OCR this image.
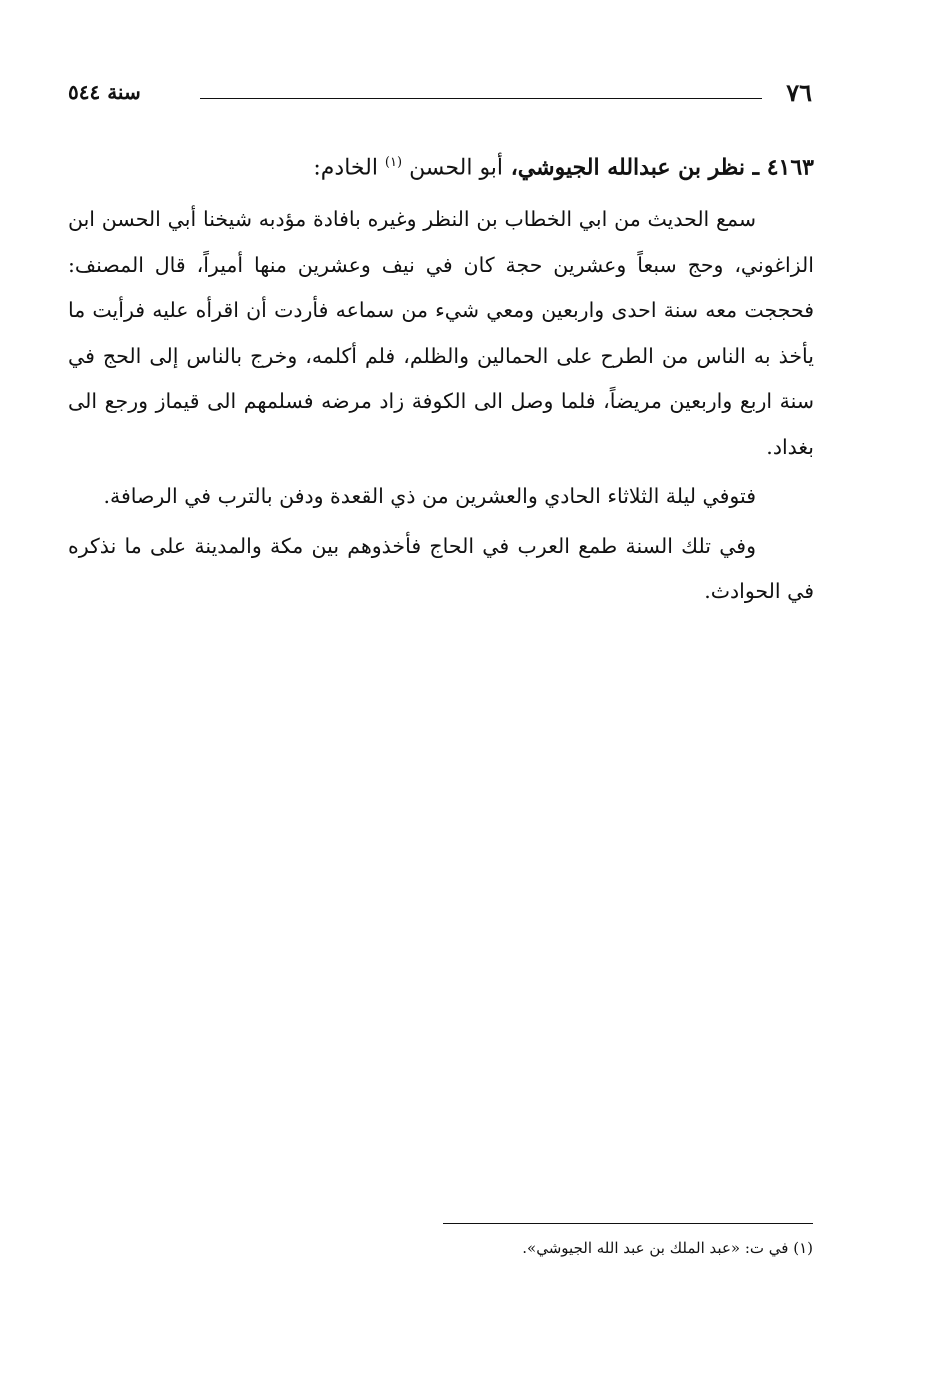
٧٦
سنة ٥٤٤

٤١٦٣ ـ نظر بن عبدالله الجيوشي، أبو الحسن $^{(١)}$ الخادم:

سمع الحديث من ابي الخطاب بن النظر وغيره بافادة مؤدبه شيخنا أبي الحسن ابن الزاغوني، وحج سبعاً وعشرين حجة كان في نيف وعشرين منها أميراً، قال المصنف: فحججت معه سنة احدى واربعين ومعي شيء من سماعه فأردت أن اقرأه عليه فرأيت ما يأخذ به الناس من الطرح على الحمالين والظلم، فلم أكلمه، وخرج بالناس إلى الحج في سنة اربع واربعين مريضاً، فلما وصل الى الكوفة زاد مرضه فسلمهم الى قيماز ورجع الى بغداد.

فتوفي ليلة الثلاثاء الحادي والعشرين من ذي القعدة ودفن بالترب في الرصافة.

وفي تلك السنة طمع العرب في الحاج فأخذوهم بين مكة والمدينة على ما نذكره في الحوادث.

(١) في ت: «عبد الملك بن عبد الله الجيوشي».
